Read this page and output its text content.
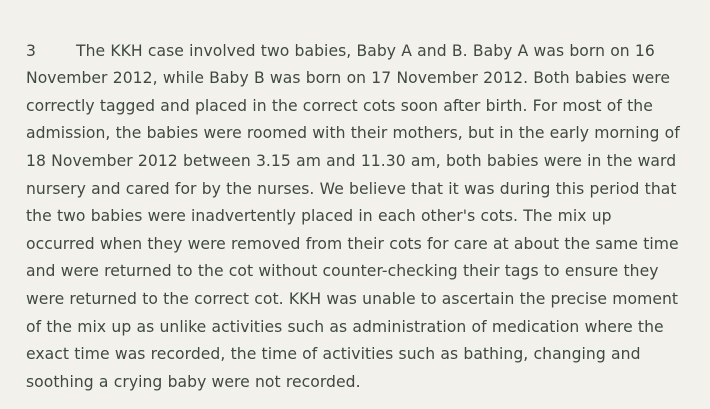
3	The KKH case involved two babies, Baby A and B. Baby A was born on 16 November 2012, while Baby B was born on 17 November 2012. Both babies were correctly tagged and placed in the correct cots soon after birth. For most of the admission, the babies were roomed with their mothers, but in the early morning of 18 November 2012 between 3.15 am and 11.30 am, both babies were in the ward nursery and cared for by the nurses. We believe that it was during this period that the two babies were inadvertently placed in each other's cots. The mix up occurred when they were removed from their cots for care at about the same time and were returned to the cot without counter-checking their tags to ensure they were returned to the correct cot. KKH was unable to ascertain the precise moment of the mix up as unlike activities such as administration of medication where the exact time was recorded, the time of activities such as bathing, changing and soothing a crying baby were not recorded.
